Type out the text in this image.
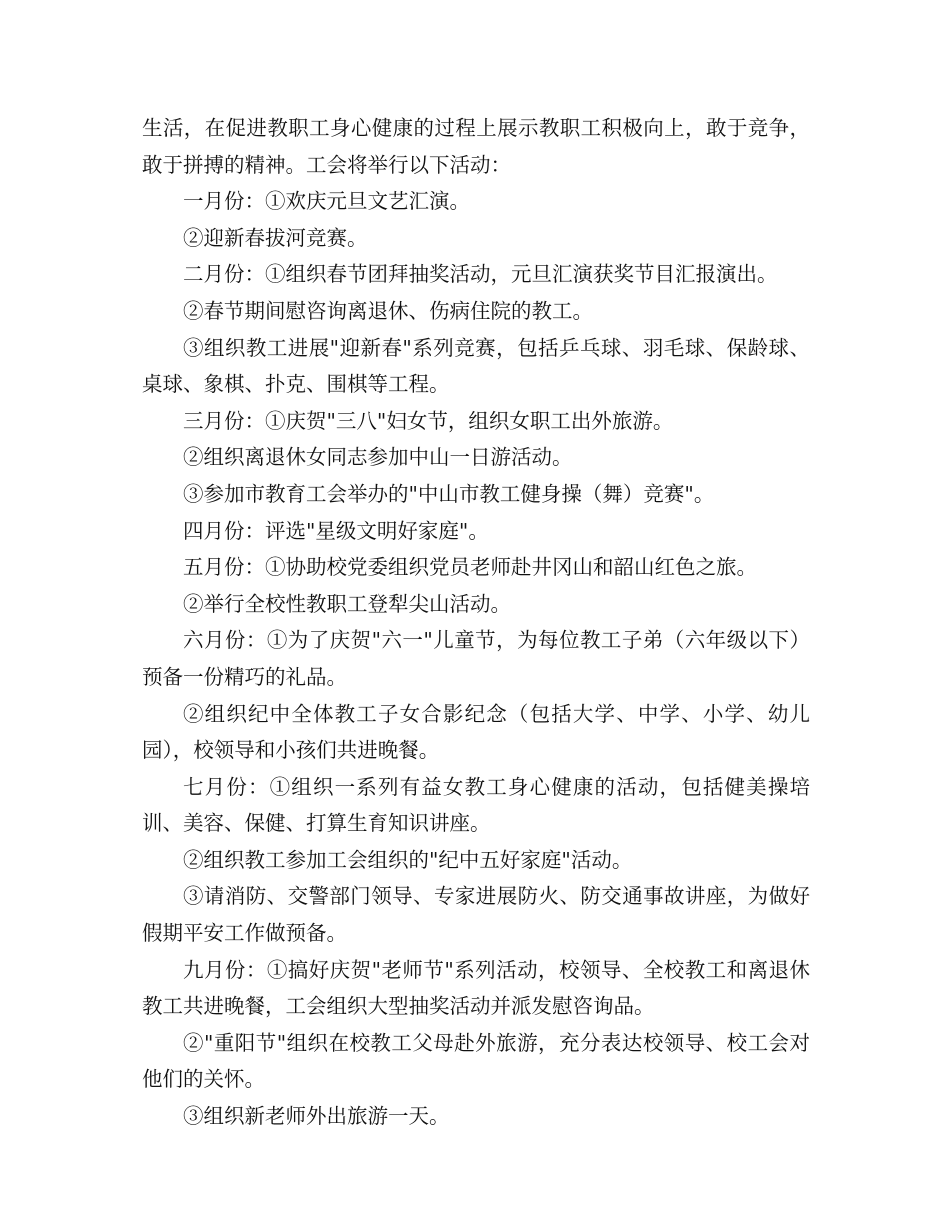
生活，在促进教职工身心健康的过程上展示教职工积极向上，敢于竞争，敢于拼搏的精神。工会将举行以下活动：

一月份：①欢庆元旦文艺汇演。

②迎新春拔河竞赛。

二月份：①组织春节团拜抽奖活动，元旦汇演获奖节目汇报演出。

②春节期间慰咨询离退休、伤病住院的教工。

③组织教工进展"迎新春"系列竞赛，包括乒乓球、羽毛球、保龄球、桌球、象棋、扑克、围棋等工程。

三月份：①庆贺"三八"妇女节，组织女职工出外旅游。

②组织离退休女同志参加中山一日游活动。

③参加市教育工会举办的"中山市教工健身操（舞）竞赛"。

四月份：评选"星级文明好家庭"。

五月份：①协助校党委组织党员老师赴井冈山和韶山红色之旅。

②举行全校性教职工登犁尖山活动。

六月份：①为了庆贺"六一"儿童节，为每位教工子弟（六年级以下）预备一份精巧的礼品。

②组织纪中全体教工子女合影纪念（包括大学、中学、小学、幼儿园），校领导和小孩们共进晚餐。

七月份：①组织一系列有益女教工身心健康的活动，包括健美操培训、美容、保健、打算生育知识讲座。

②组织教工参加工会组织的"纪中五好家庭"活动。

③请消防、交警部门领导、专家进展防火、防交通事故讲座，为做好假期平安工作做预备。

九月份：①搞好庆贺"老师节"系列活动，校领导、全校教工和离退休教工共进晚餐，工会组织大型抽奖活动并派发慰咨询品。

②"重阳节"组织在校教工父母赴外旅游，充分表达校领导、校工会对他们的关怀。

③组织新老师外出旅游一天。
